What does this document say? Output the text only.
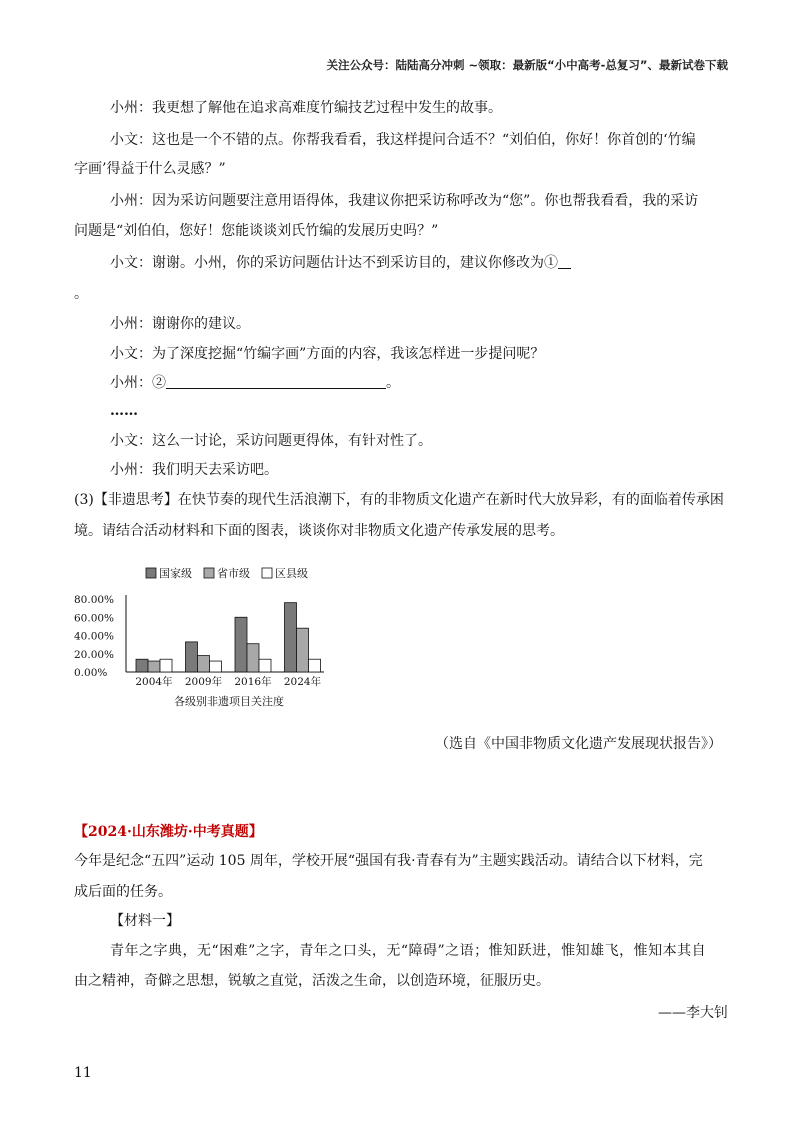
关注公众号：陆陆高分冲刺 ~领取：最新版“小中高考-总复习”、最新试卷下载
小州：我更想了解他在追求高难度竹编技艺过程中发生的故事。
小文：这也是一个不错的点。你帮我看看，我这样提问合适不？“刘伯伯，你好！你首创的‘竹编
字画’得益于什么灵感？”
小州：因为采访问题要注意用语得体，我建议你把采访称呼改为“您”。你也帮我看看，我的采访
问题是“刘伯伯，您好！您能谈谈刘氏竹编的发展历史吗？”
小文：谢谢。小州，你的采访问题估计达不到采访目的，建议你修改为①
。
小州：谢谢你的建议。
小文：为了深度挖掘“竹编字画”方面的内容，我该怎样进一步提问呢？
小州：②	。
……
小文：这么一讨论，采访问题更得体，有针对性了。
小州：我们明天去采访吧。
(3)【非遗思考】在快节奏的现代生活浪潮下，有的非物质文化遗产在新时代大放异彩，有的面临着传承困
境。请结合活动材料和下面的图表，谈谈你对非物质文化遗产传承发展的思考。
80.00%
60.00%
40.00%
20.00%
0.00%
2004年 2009年 2016年 2024年
国家级 省市级 区县级
各级别非遗项目关注度
（选自《中国非物质文化遗产发展现状报告》）
【2024·山东潍坊·中考真题】
今年是纪念“五四”运动 105 周年，学校开展“强国有我·青春有为”主题实践活动。请结合以下材料，完
成后面的任务。
【材料一】
青年之字典，无“困难”之字，青年之口头，无“障碍”之语；惟知跃进，惟知雄飞，惟知本其自
由之精神，奇僻之思想，锐敏之直觉，活泼之生命，以创造环境，征服历史。
——李大钊
11
